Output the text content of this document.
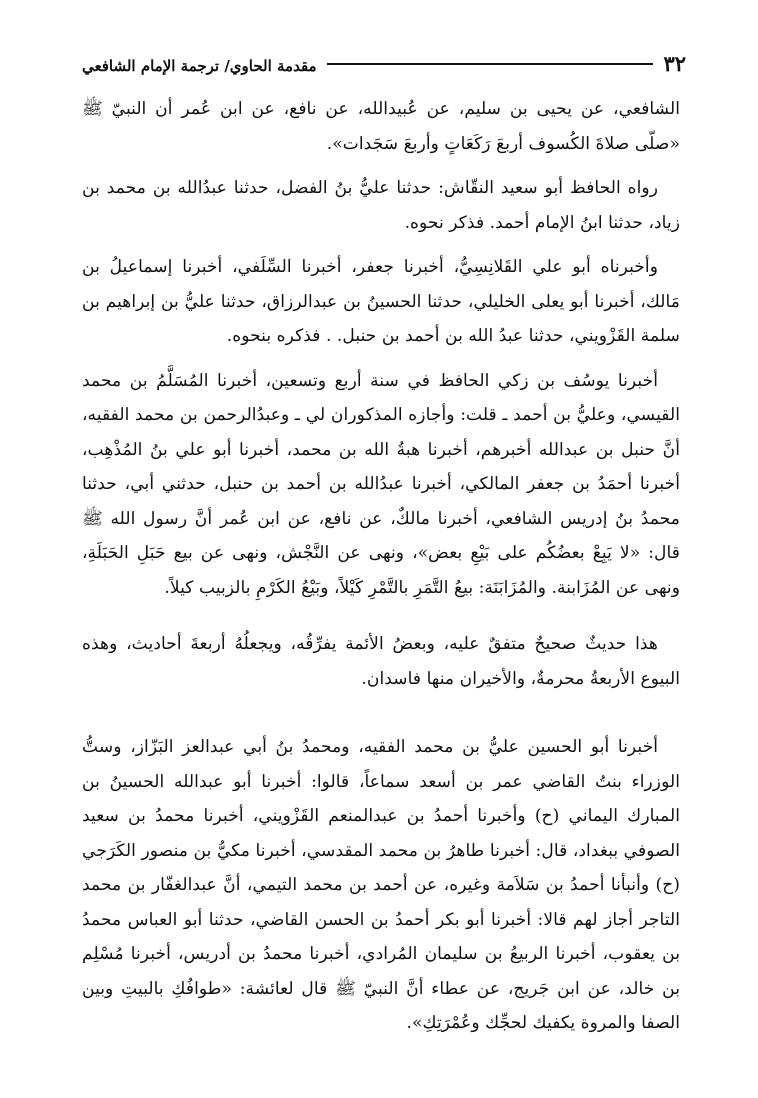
٣٢
مقدمة الحاوي/ ترجمة الإمام الشافعي

الشافعي، عن يحيى بن سليم، عن عُبيدالله، عن نافع، عن ابن عُمر أن النبيّ ﷺ «صلّى صلاةَ الكُسوف أربعَ رَكَعَاتٍ وأربعَ سَجَدات».

رواه الحافظ أبو سعيد النقّاش: حدثنا عليُّ بنُ الفضل، حدثنا عبدُالله بن محمد بن زياد، حدثنا ابنُ الإمام أحمد. فذكر نحوه.

وأخبرناه أبو علي القَلانِسِيُّ، أخبرنا جعفر، أخبرنا السِّلَفي، أخبرنا إسماعيلُ بن مَالك، أخبرنا أبو يعلى الخليلي، حدثنا الحسينُ بن عبدالرزاق، حدثنا عليُّ بن إبراهيم بن سلمة القَزْويني، حدثنا عبدُ الله بن أحمد بن حنبل. . فذكره بنحوه.

أخبرنا يوسُف بن زكي الحافظ في سنة أربع وتسعين، أخبرنا المُسَلَّمُ بن محمد القيسي، وعليُّ بن أحمد ـ قلت: وأجازه المذكوران لي ـ وعبدُالرحمن بن محمد الفقيه، أنَّ حنبل بن عبدالله أخبرهم، أخبرنا هبةُ الله بن محمد، أخبرنا أبو علي بنُ المُذْهِب، أخبرنا أحمَدُ بن جعفر المالكي، أخبرنا عبدُالله بن أحمد بن حنبل، حدثني أبي، حدثنا محمدُ بنُ إدريس الشافعي، أخبرنا مالكٌ، عن نافع، عن ابن عُمر أنَّ رسول الله ﷺ قال: «لا يَبِعْ بعضُكُم على بَيْعِ بعض»، ونهى عن النَّجْش، ونهى عن بيع حَبَلِ الحَبَلَةِ، ونهى عن المُزَابنة. والمُزَابَنَة: بيعُ التَّمَرِ بالتَّمْرِ كَيْلاً، وبَيْعُ الكَرْمِ بالزبيب كيلاً.

هذا حديثٌ صحيحٌ متفقٌ عليه، وبعضُ الأئمة يفرِّقُه، ويجعلُهُ أربعةَ أحاديث، وهذه البيوع الأربعةُ محرمةٌ، والأخيران منها فاسدان.

أخبرنا أبو الحسين عليُّ بن محمد الفقيه، ومحمدُ بنُ أبي عبدالعز البَزّاز، وستُّ الوزراء بنتُ القاضي عمر بن أسعد سماعاً، قالوا: أخبرنا أبو عبدالله الحسينُ بن المبارك اليماني (ح) وأخبرنا أحمدُ بن عبدالمنعم القَزْويني، أخبرنا محمدُ بن سعيد الصوفي ببغداد، قال: أخبرنا طاهرُ بن محمد المقدسي، أخبرنا مكيُّ بن منصور الكَرَجي (ح) وأنبأنا أحمدُ بن سَلاَمة وغيره، عن أحمد بن محمد التيمي، أنَّ عبدالغفّار بن محمد التاجر أجاز لهم قالا: أخبرنا أبو بكر أحمدُ بن الحسن القاضي، حدثنا أبو العباس محمدُ بن يعقوب، أخبرنا الربيعُ بن سليمان المُرادي، أخبرنا محمدُ بن أدريس، أخبرنا مُسْلِم بن خالد، عن ابن جَريج، عن عطاء أنَّ النبيّ ﷺ قال لعائشة: «طوافُكِ بالبيتِ وبين الصفا والمروة يكفيك لحجِّك وعُمْرَتِكِ».
